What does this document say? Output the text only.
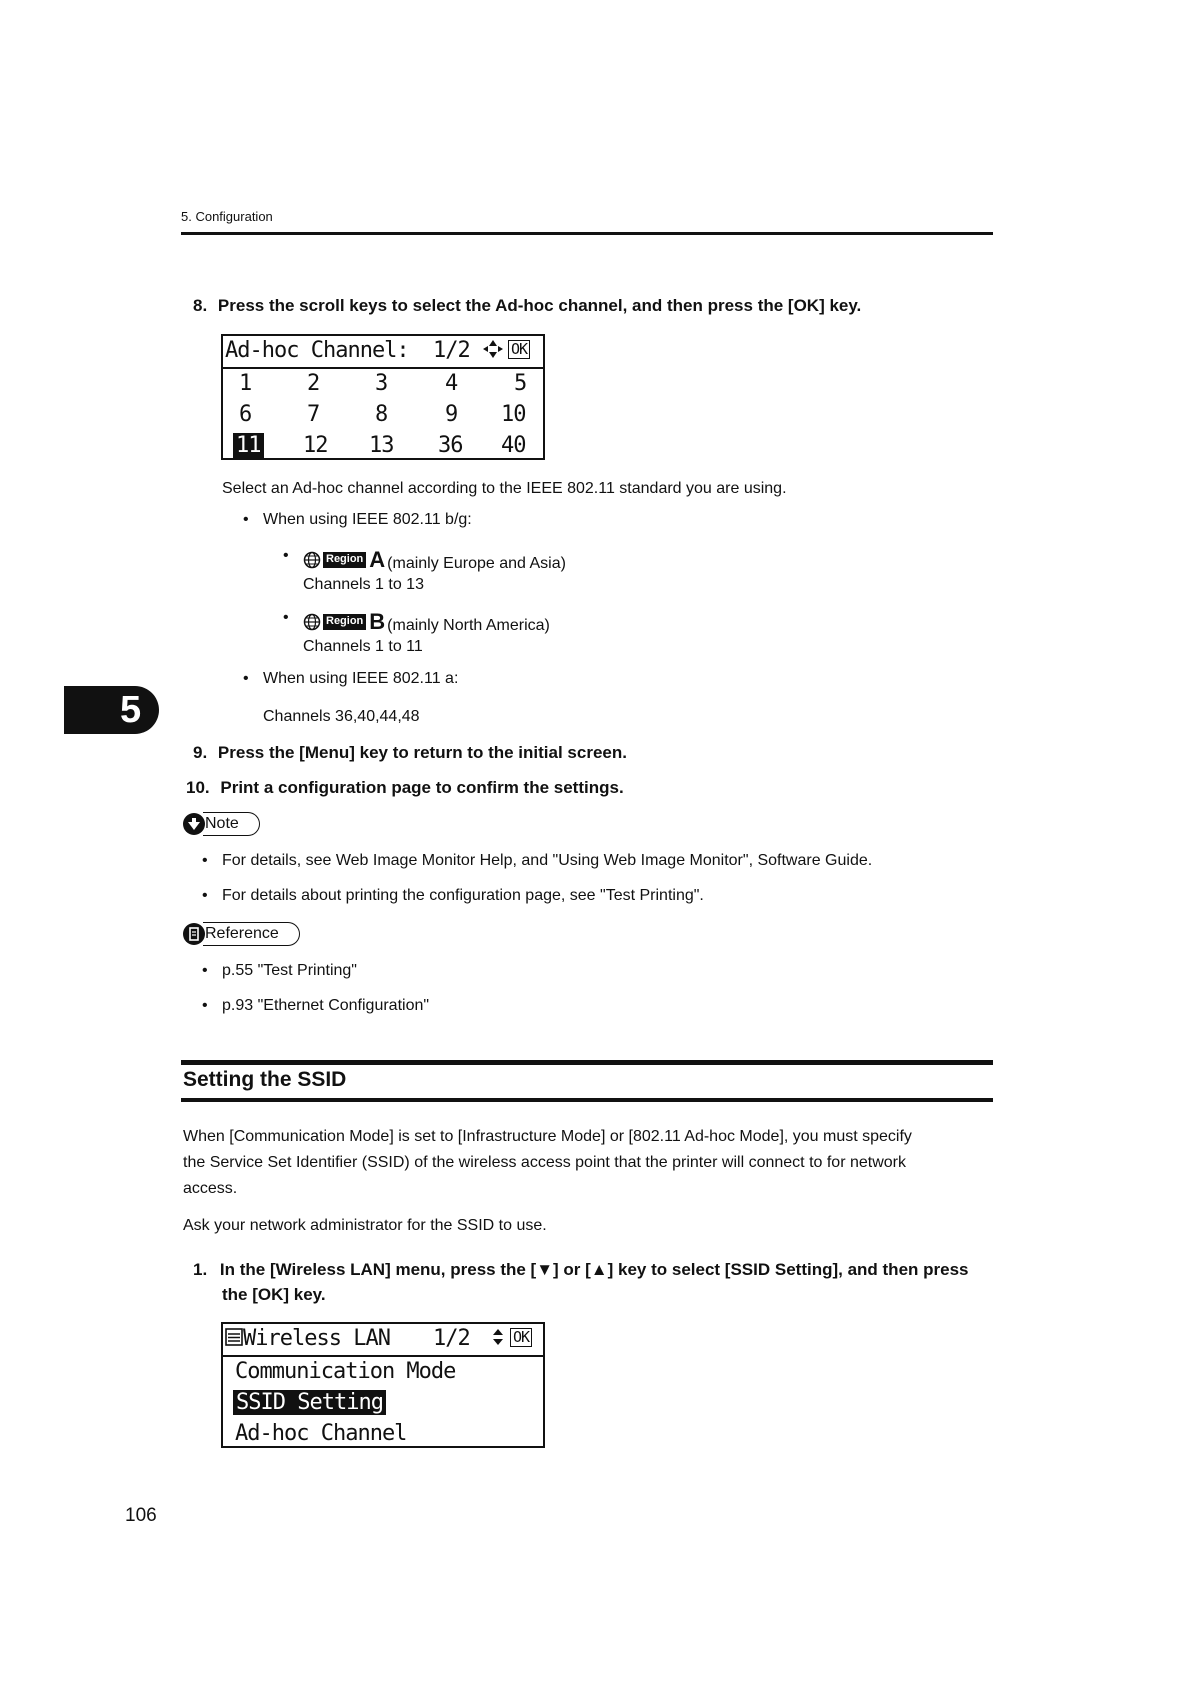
5. Configuration
8. Press the scroll keys to select the Ad-hoc channel, and then press the [OK] key.
Ad-hoc Channel: 1/2	OK
1	2	3	4	5
6	7	8	9 10
11 12 13 36 40
Select an Ad-hoc channel according to the IEEE 802.11 standard you are using.
• When using IEEE 802.11 b/g:
• Region A (mainly Europe and Asia)
Channels 1 to 13
• Region B (mainly North America)
Channels 1 to 11
• When using IEEE 802.11 a:
Channels 36,40,44,48
5
9. Press the [Menu] key to return to the initial screen.
10. Print a configuration page to confirm the settings.
Note
• For details, see Web Image Monitor Help, and "Using Web Image Monitor", Software Guide.
• For details about printing the configuration page, see "Test Printing".
Reference
• p.55 "Test Printing"
• p.93 "Ethernet Configuration"
Setting the SSID
When [Communication Mode] is set to [Infrastructure Mode] or [802.11 Ad-hoc Mode], you must specify
the Service Set Identifier (SSID) of the wireless access point that the printer will connect to for network
access.
Ask your network administrator for the SSID to use.
1. In the [Wireless LAN] menu, press the [▼] or [▲] key to select [SSID Setting], and then press
the [OK] key.
Wireless LAN 1/2	OK
Communication Mode
SSID Setting
Ad-hoc Channel
106
